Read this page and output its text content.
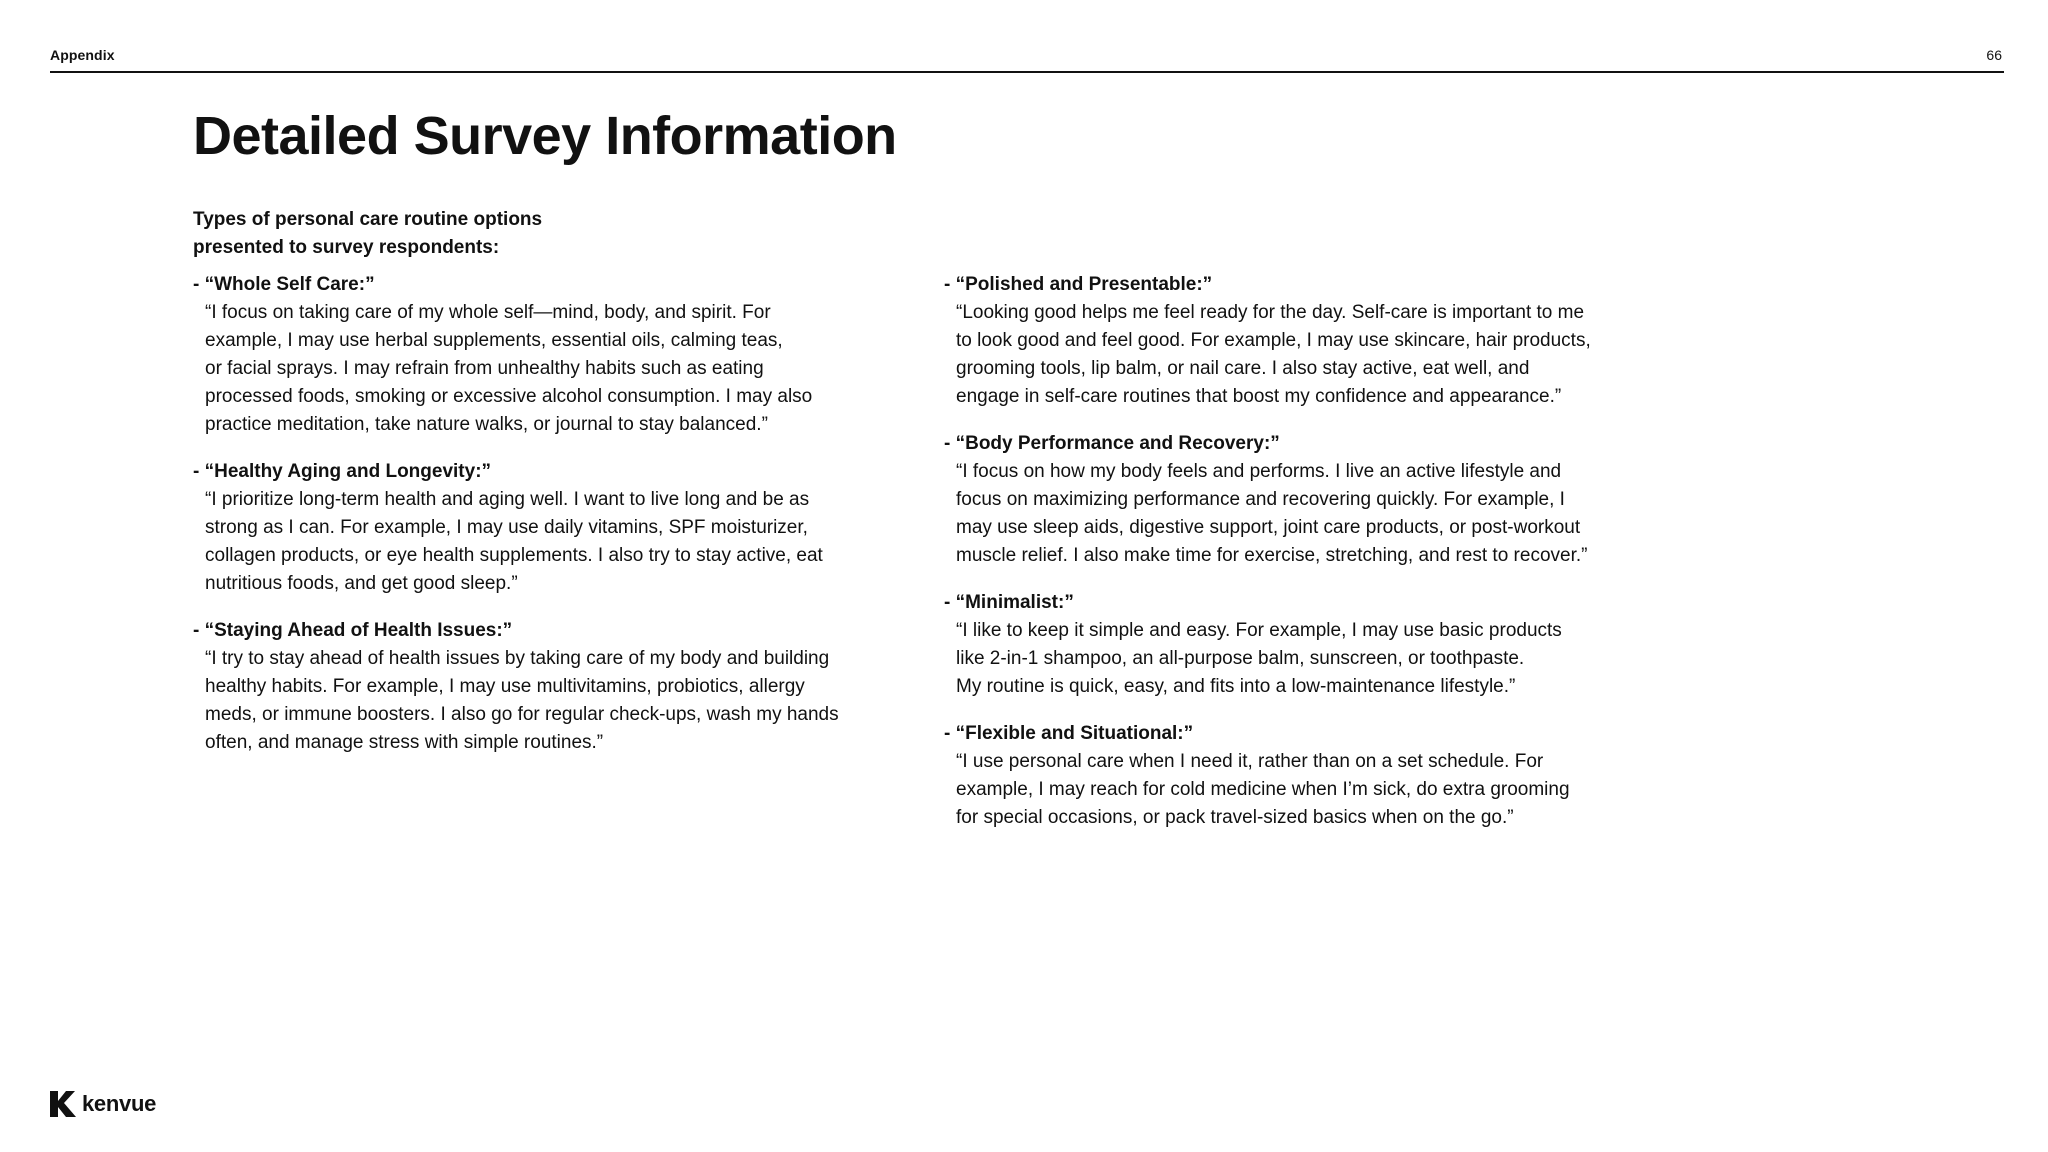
Appendix	66
Detailed Survey Information

Types of personal care routine options
presented to survey respondents:

- “Whole Self Care:”
“I focus on taking care of my whole self—mind, body, and spirit. For
example, I may use herbal supplements, essential oils, calming teas,
or facial sprays. I may refrain from unhealthy habits such as eating
processed foods, smoking or excessive alcohol consumption. I may also
practice meditation, take nature walks, or journal to stay balanced.”
- “Healthy Aging and Longevity:”
“I prioritize long-term health and aging well. I want to live long and be as
strong as I can. For example, I may use daily vitamins, SPF moisturizer,
collagen products, or eye health supplements. I also try to stay active, eat
nutritious foods, and get good sleep.”
- “Staying Ahead of Health Issues:”
“I try to stay ahead of health issues by taking care of my body and building
healthy habits. For example, I may use multivitamins, probiotics, allergy
meds, or immune boosters. I also go for regular check-ups, wash my hands
often, and manage stress with simple routines.”
- “Polished and Presentable:”
“Looking good helps me feel ready for the day. Self-care is important to me
to look good and feel good. For example, I may use skincare, hair products,
grooming tools, lip balm, or nail care. I also stay active, eat well, and
engage in self-care routines that boost my confidence and appearance.”
- “Body Performance and Recovery:”
“I focus on how my body feels and performs. I live an active lifestyle and
focus on maximizing performance and recovering quickly. For example, I
may use sleep aids, digestive support, joint care products, or post-workout
muscle relief. I also make time for exercise, stretching, and rest to recover.”
- “Minimalist:”
“I like to keep it simple and easy. For example, I may use basic products
like 2-in-1 shampoo, an all-purpose balm, sunscreen, or toothpaste.
My routine is quick, easy, and fits into a low-maintenance lifestyle.”
- “Flexible and Situational:”
“I use personal care when I need it, rather than on a set schedule. For
example, I may reach for cold medicine when I’m sick, do extra grooming
for special occasions, or pack travel-sized basics when on the go.”
kenvue
